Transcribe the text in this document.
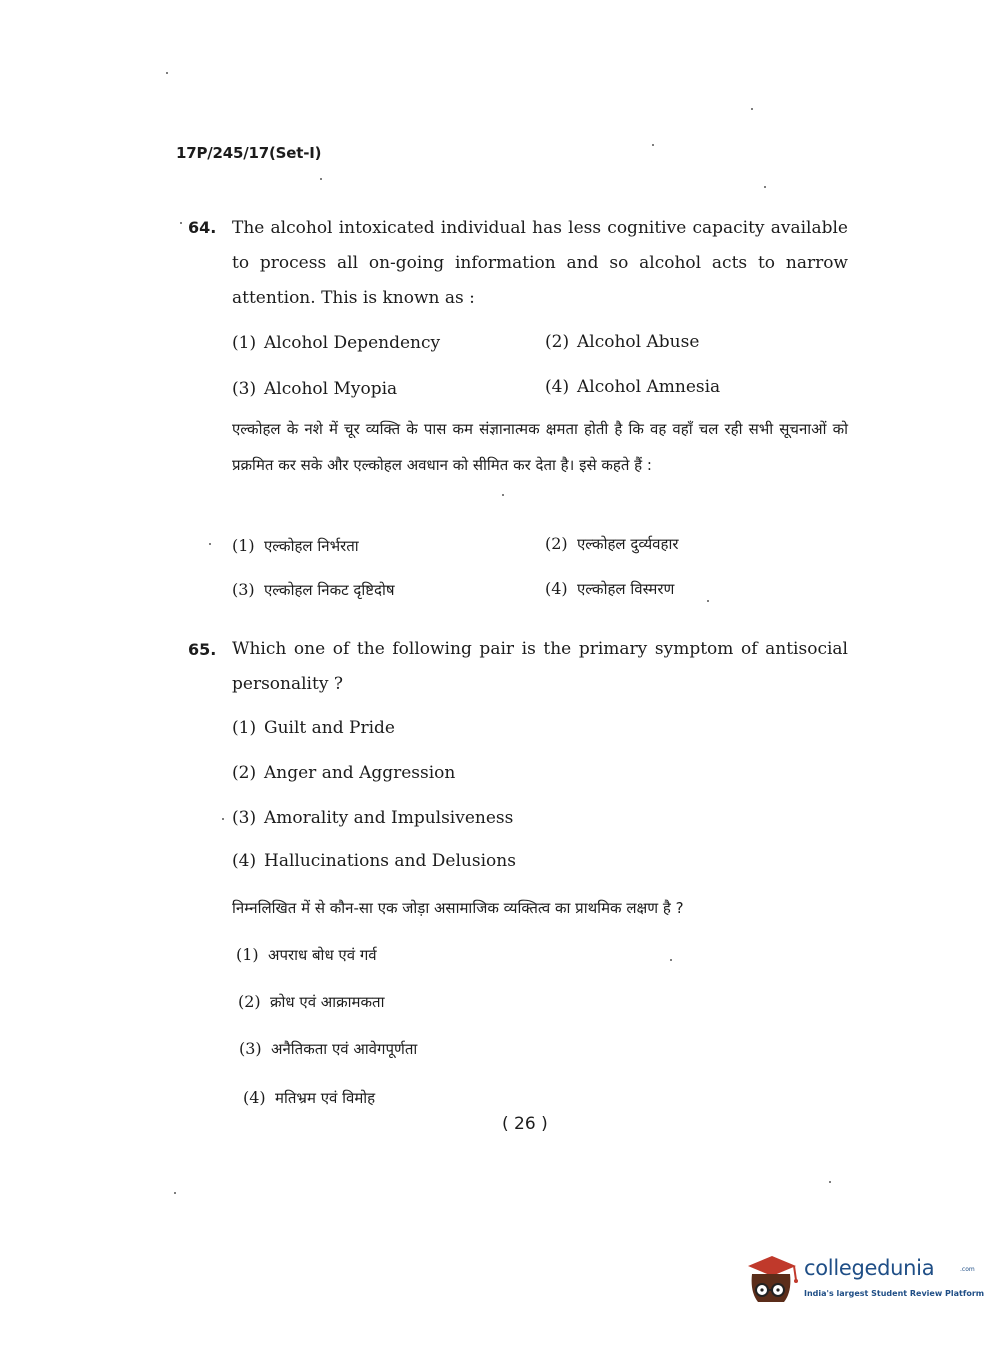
17P/245/17(Set-I)
64. The alcohol intoxicated individual has less cognitive capacity available to process all on-going information and so alcohol acts to narrow attention. This is known as :
(1) Alcohol Dependency	(2) Alcohol Abuse
(3) Alcohol Myopia	(4) Alcohol Amnesia
एल्कोहल के नशे में चूर व्यक्ति के पास कम संज्ञानात्मक क्षमता होती है कि वह वहाँ चल रही सभी सूचनाओं को प्रक्रमित कर सके और एल्कोहल अवधान को सीमित कर देता है। इसे कहते हैं :
(1) एल्कोहल निर्भरता	(2) एल्कोहल दुर्व्यवहार
(3) एल्कोहल निकट दृष्टिदोष	(4) एल्कोहल विस्मरण
65. Which one of the following pair is the primary symptom of antisocial personality ?
(1) Guilt and Pride
(2) Anger and Aggression
(3) Amorality and Impulsiveness
(4) Hallucinations and Delusions
निम्नलिखित में से कौन-सा एक जोड़ा असामाजिक व्यक्तित्व का प्राथमिक लक्षण है ?
(1) अपराध बोध एवं गर्व
(2) क्रोध एवं आक्रामकता
(3) अनैतिकता एवं आवेगपूर्णता
(4) मतिभ्रम एवं विमोह
( 26 )
collegedunia	.com
India's largest Student Review Platform
